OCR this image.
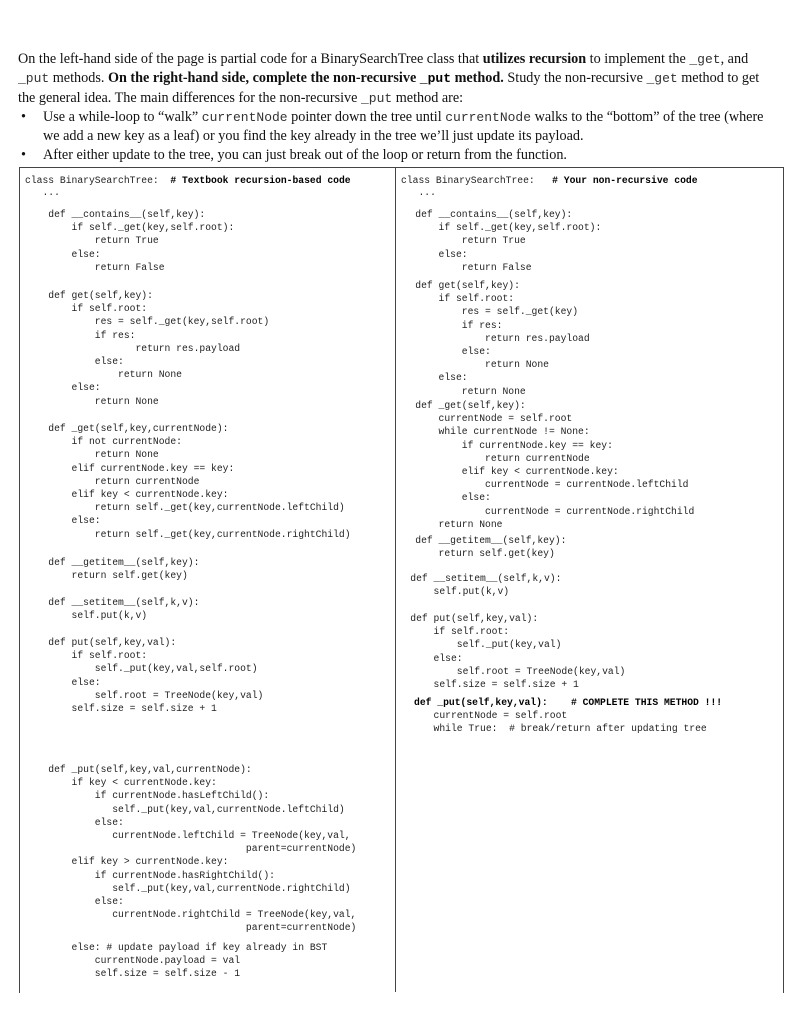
On the left-hand side of the page is partial code for a BinarySearchTree class that utilizes recursion to implement the _get, and _put methods. On the right-hand side, complete the non-recursive _put method. Study the non-recursive _get method to get the general idea. The main differences for the non-recursive _put method are:

• Use a while-loop to “walk” currentNode pointer down the tree until currentNode walks to the “bottom” of the tree (where we add a new key as a leaf) or you find the key already in the tree we’ll just update its payload.

• After either update to the tree, you can just break out of the loop or return from the function.

class BinarySearchTree: # Textbook recursion-based code
...
def __contains__(self,key):
if self._get(key,self.root):
return True
else:
return False
def get(self,key):
if self.root:
res = self._get(key,self.root)
if res:
return res.payload
else:
return None
else:
return None
def _get(self,key,currentNode):
if not currentNode:
return None
elif currentNode.key == key:
return currentNode
elif key < currentNode.key:
return self._get(key,currentNode.leftChild)
else:
return self._get(key,currentNode.rightChild)
def __getitem__(self,key):
return self.get(key)
def __setitem__(self,k,v):
self.put(k,v)
def put(self,key,val):
if self.root:
self._put(key,val,self.root)
else:
self.root = TreeNode(key,val)
self.size = self.size + 1
def _put(self,key,val,currentNode):
if key < currentNode.key:
if currentNode.hasLeftChild():
self._put(key,val,currentNode.leftChild)
else:
currentNode.leftChild = TreeNode(key,val,
parent=currentNode)
elif key > currentNode.key:
if currentNode.hasRightChild():
self._put(key,val,currentNode.rightChild)
else:
currentNode.rightChild = TreeNode(key,val,
parent=currentNode)
else: # update payload if key already in BST
currentNode.payload = val
self.size = self.size - 1
class BinarySearchTree: # Your non-recursive code
...
def __contains__(self,key):
if self._get(key,self.root):
return True
else:
return False
def get(self,key):
if self.root:
res = self._get(key)
if res:
return res.payload
else:
return None
else:
return None
def _get(self,key):
currentNode = self.root
while currentNode != None:
if currentNode.key == key:
return currentNode
elif key < currentNode.key:
currentNode = currentNode.leftChild
else:
currentNode = currentNode.rightChild
return None
def __getitem__(self,key):
return self.get(key)
def __setitem__(self,k,v):
self.put(k,v)
def put(self,key,val):
if self.root:
self._put(key,val)
else:
self.root = TreeNode(key,val)
self.size = self.size + 1
def _put(self,key,val):    # COMPLETE THIS METHOD !!!
currentNode = self.root
while True:  # break/return after updating tree
